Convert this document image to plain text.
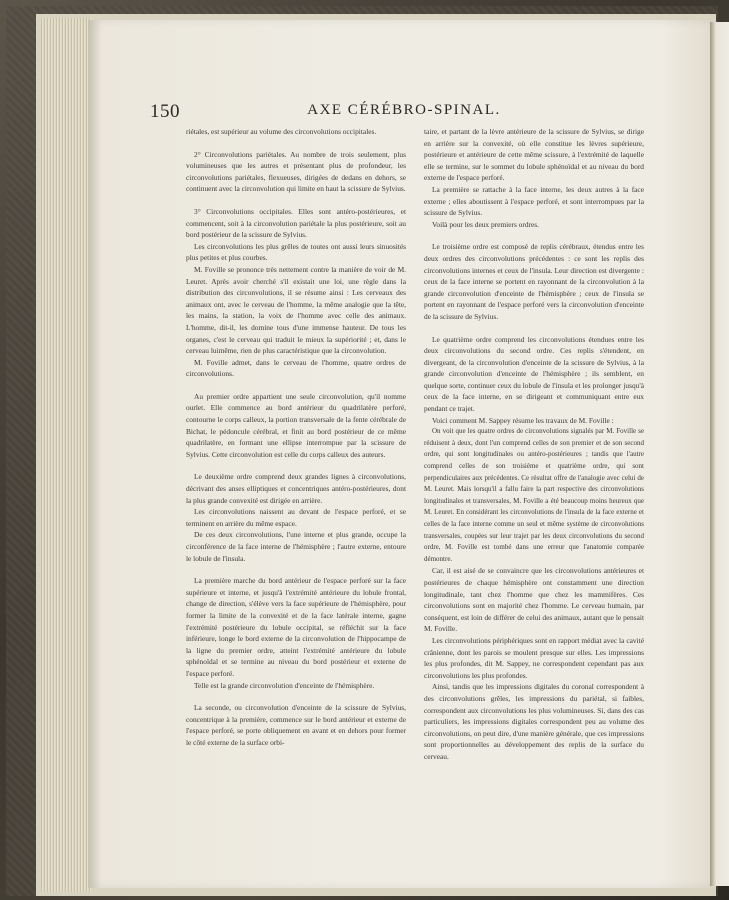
150	AXE CÉRÉBRO-SPINAL.

riétales, est supérieur au volume des circonvolutions occipitales.

2° Circonvolutions pariétales. Au nombre de trois seulement, plus volumineuses que les autres et présentant plus de profondeur, les circonvolutions pariétales, flexueuses, dirigées de dedans en dehors, se continuent avec la circonvolution qui limite en haut la scissure de Sylvius.

3° Circonvolutions occipitales. Elles sont antéro-postérieures, et commencent, soit à la circonvolution pariétale la plus postérieure, soit au bord postérieur de la scissure de Sylvius.

Les circonvolutions les plus grêles de toutes ont aussi leurs sinuosités plus petites et plus courbes.

M. Foville se prononce très nettement contre la manière de voir de M. Leuret. Après avoir cherché s'il existait une loi, une règle dans la distribution des circonvolutions, il se résume ainsi : Les cerveaux des animaux ont, avec le cerveau de l'homme, la même analogie que la tête, les mains, la station, la voix de l'homme avec celle des animaux. L'homme, dit-il, les domine tous d'une immense hauteur. De tous les organes, c'est le cerveau qui traduit le mieux la supériorité ; et, dans le cerveau luimême, rien de plus caractéristique que la circonvolution.

M. Foville admet, dans le cerveau de l'homme, quatre ordres de circonvolutions.

Au premier ordre appartient une seule circonvolution, qu'il nomme ourlet. Elle commence au bord antérieur du quadrilatère perforé, contourne le corps calleux, la portion transversale de la fente cérébrale de Bichat, le pédoncule cérébral, et finit au bord postérieur de ce même quadrilatère, en formant une ellipse interrompue par la scissure de Sylvius. Cette circonvolution est celle du corps calleux des auteurs.

Le deuxième ordre comprend deux grandes lignes à circonvolutions, décrivant des anses elliptiques et concentriques antéro-postérieures, dont la plus grande convexité est dirigée en arrière.

Les circonvolutions naissent au devant de l'espace perforé, et se terminent en arrière du même espace.

De ces deux circonvolutions, l'une interne et plus grande, occupe la circonférence de la face interne de l'hémisphère ; l'autre externe, entoure le lobule de l'insula.

La première marche du bord antérieur de l'espace perforé sur la face supérieure et interne, et jusqu'à l'extrémité antérieure du lobule frontal, change de direction, s'élève vers la face supérieure de l'hémisphère, pour former la limite de la convexité et de la face latérale interne, gagne l'extrémité postérieure du lobule occipital, se réfléchit sur la face inférieure, longe le bord externe de la circonvolution de l'hippocampe de la ligne du premier ordre, atteint l'extrémité antérieure du lobule sphénoïdal et se termine au niveau du bord postérieur et externe de l'espace perforé.

Telle est la grande circonvolution d'enceinte de l'hémisphère.

La seconde, ou circonvolution d'enceinte de la scissure de Sylvius, concentrique à la première, commence sur le bord antérieur et externe de l'espace perforé, se porte obliquement en avant et en dehors pour former le côté externe de la surface orbi-

taire, et partant de la lèvre antérieure de la scissure de Sylvius, se dirige en arrière sur la convexité, où elle constitue les lèvres supérieure, postérieure et antérieure de cette même scissure, à l'extrémité de laquelle elle se termine, sur le sommet du lobule sphénoïdal et au niveau du bord externe de l'espace perforé.

La première se rattache à la face interne, les deux autres à la face externe ; elles aboutissent à l'espace perforé, et sont interrompues par la scissure de Sylvius.

Voilà pour les deux premiers ordres.

Le troisième ordre est composé de replis cérébraux, étendus entre les deux ordres des circonvolutions précédentes : ce sont les replis des circonvolutions internes et ceux de l'insula. Leur direction est divergente : ceux de la face interne se portent en rayonnant de la circonvolution à la grande circonvolution d'enceinte de l'hémisphère ; ceux de l'insula se portent en rayonnant de l'espace perforé vers la circonvolution d'enceinte de la scissure de Sylvius.

Le quatrième ordre comprend les circonvolutions étendues entre les deux circonvolutions du second ordre. Ces replis s'étendent, en divergeant, de la circonvolution d'enceinte de la scissure de Sylvius, à la grande circonvolution d'enceinte de l'hémisphère ; ils semblent, en quelque sorte, continuer ceux du lobule de l'insula et les prolonger jusqu'à ceux de la face interne, en se dirigeant et communiquant entre eux pendant ce trajet.

Voici comment M. Sappey résume les travaux de M. Foville :

On voit que les quatre ordres de circonvolutions signalés par M. Foville se réduisent à deux, dont l'un comprend celles de son premier et de son second ordre, qui sont longitudinales ou antéro-postérieures ; tandis que l'autre comprend celles de son troisième et quatrième ordre, qui sont perpendiculaires aux précédentes. Ce résultat offre de l'analogie avec celui de M. Leuret. Mais lorsqu'il a fallu faire la part respective des circonvolutions longitudinales et transversales, M. Foville a été beaucoup moins heureux que M. Leuret. En considérant les circonvolutions de l'insula de la face externe et celles de la face interne comme un seul et même système de circonvolutions transversales, coupées sur leur trajet par les deux circonvolutions du second ordre, M. Foville est tombé dans une erreur que l'anatomie comparée démontre.

Car, il est aisé de se convaincre que les circonvolutions antérieures et postérieures de chaque hémisphère ont constamment une direction longitudinale, tant chez l'homme que chez les mammifères. Ces circonvolutions sont en majorité chez l'homme. Le cerveau humain, par conséquent, est loin de différer de celui des animaux, autant que le pensait M. Foville.

Les circonvolutions périphériques sont en rapport médiat avec la cavité crânienne, dont les parois se moulent presque sur elles. Les impressions les plus profondes, dit M. Sappey, ne correspondent cependant pas aux circonvolutions les plus profondes.

Ainsi, tandis que les impressions digitales du coronal correspondent à des circonvolutions grêles, les impressions du pariétal, si faibles, correspondent aux circonvolutions les plus volumineuses. Si, dans des cas particuliers, les impressions digitales correspondent peu au volume des circonvolutions, on peut dire, d'une manière générale, que ces impressions sont proportionnelles au développement des replis de la surface du cerveau.
